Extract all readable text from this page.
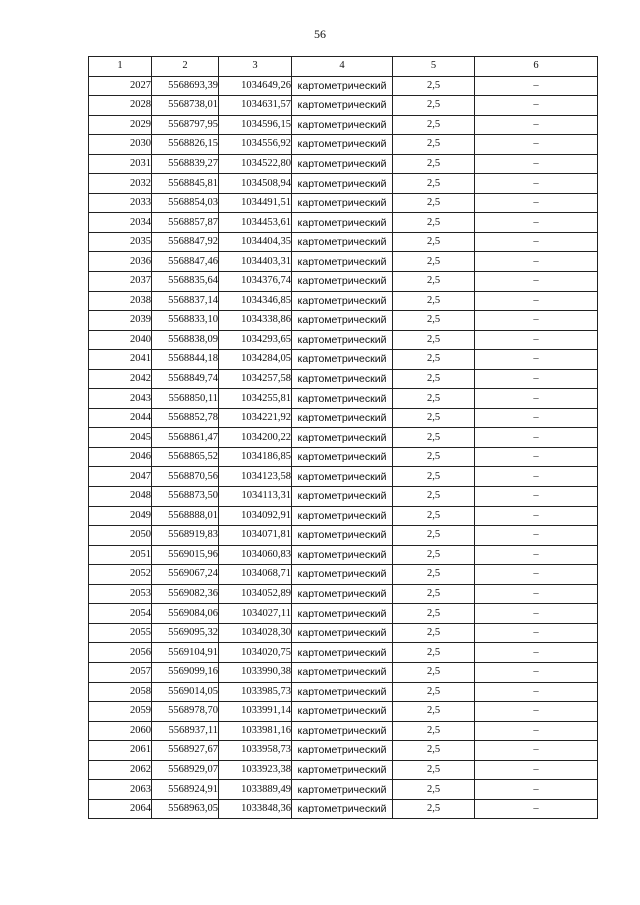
56
1	2	3	4	5	6
2027	5568693,39	1034649,26	картометрический	2,5	–
2028	5568738,01	1034631,57	картометрический	2,5	–
2029	5568797,95	1034596,15	картометрический	2,5	–
2030	5568826,15	1034556,92	картометрический	2,5	–
2031	5568839,27	1034522,80	картометрический	2,5	–
2032	5568845,81	1034508,94	картометрический	2,5	–
2033	5568854,03	1034491,51	картометрический	2,5	–
2034	5568857,87	1034453,61	картометрический	2,5	–
2035	5568847,92	1034404,35	картометрический	2,5	–
2036	5568847,46	1034403,31	картометрический	2,5	–
2037	5568835,64	1034376,74	картометрический	2,5	–
2038	5568837,14	1034346,85	картометрический	2,5	–
2039	5568833,10	1034338,86	картометрический	2,5	–
2040	5568838,09	1034293,65	картометрический	2,5	–
2041	5568844,18	1034284,05	картометрический	2,5	–
2042	5568849,74	1034257,58	картометрический	2,5	–
2043	5568850,11	1034255,81	картометрический	2,5	–
2044	5568852,78	1034221,92	картометрический	2,5	–
2045	5568861,47	1034200,22	картометрический	2,5	–
2046	5568865,52	1034186,85	картометрический	2,5	–
2047	5568870,56	1034123,58	картометрический	2,5	–
2048	5568873,50	1034113,31	картометрический	2,5	–
2049	5568888,01	1034092,91	картометрический	2,5	–
2050	5568919,83	1034071,81	картометрический	2,5	–
2051	5569015,96	1034060,83	картометрический	2,5	–
2052	5569067,24	1034068,71	картометрический	2,5	–
2053	5569082,36	1034052,89	картометрический	2,5	–
2054	5569084,06	1034027,11	картометрический	2,5	–
2055	5569095,32	1034028,30	картометрический	2,5	–
2056	5569104,91	1034020,75	картометрический	2,5	–
2057	5569099,16	1033990,38	картометрический	2,5	–
2058	5569014,05	1033985,73	картометрический	2,5	–
2059	5568978,70	1033991,14	картометрический	2,5	–
2060	5568937,11	1033981,16	картометрический	2,5	–
2061	5568927,67	1033958,73	картометрический	2,5	–
2062	5568929,07	1033923,38	картометрический	2,5	–
2063	5568924,91	1033889,49	картометрический	2,5	–
2064	5568963,05	1033848,36	картометрический	2,5	–
